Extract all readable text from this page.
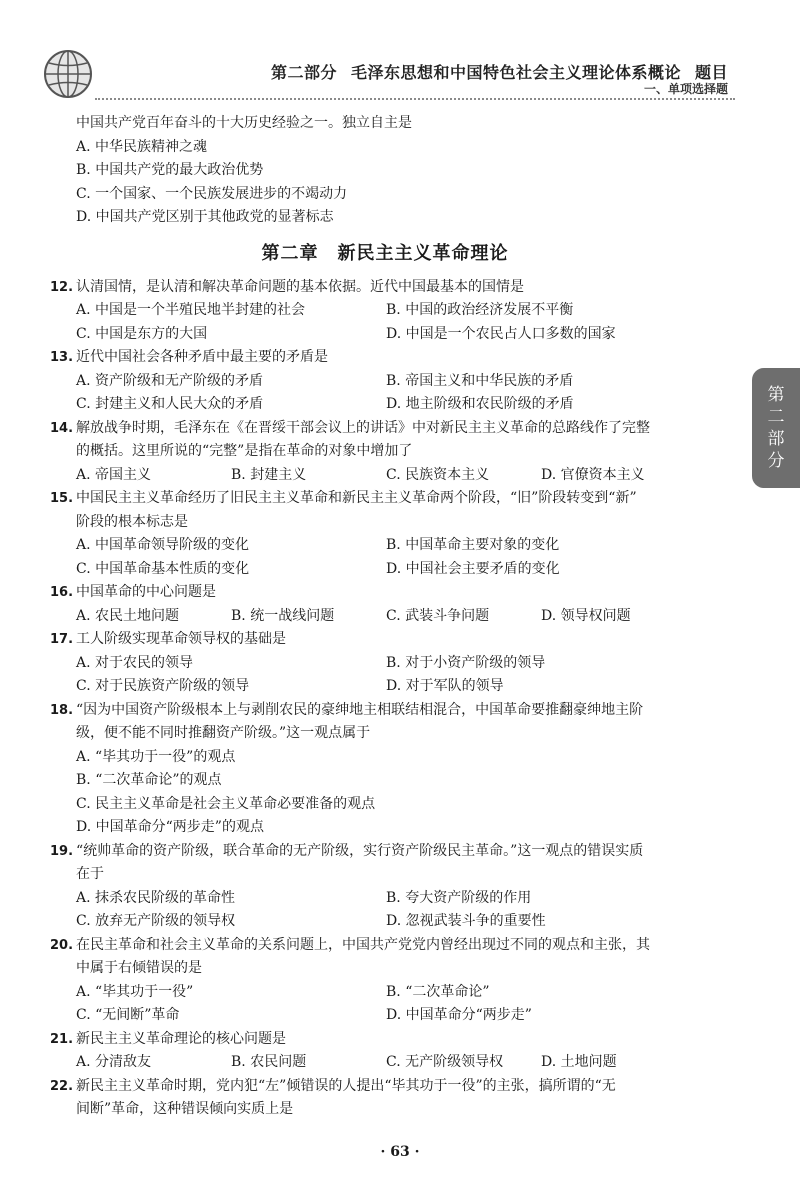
第二部分 毛泽东思想和中国特色社会主义理论体系概论 题目
一、单项选择题
第二部分
中国共产党百年奋斗的十大历史经验之一。独立自主是
A. 中华民族精神之魂
B. 中国共产党的最大政治优势
C. 一个国家、一个民族发展进步的不竭动力
D. 中国共产党区别于其他政党的显著标志
第二章　新民主主义革命理论
12. 认清国情，是认清和解决革命问题的基本依据。近代中国最基本的国情是
A. 中国是一个半殖民地半封建的社会	B. 中国的政治经济发展不平衡
C. 中国是东方的大国	D. 中国是一个农民占人口多数的国家
13. 近代中国社会各种矛盾中最主要的矛盾是
A. 资产阶级和无产阶级的矛盾	B. 帝国主义和中华民族的矛盾
C. 封建主义和人民大众的矛盾	D. 地主阶级和农民阶级的矛盾
14. 解放战争时期，毛泽东在《在晋绥干部会议上的讲话》中对新民主主义革命的总路线作了完整
的概括。这里所说的“完整”是指在革命的对象中增加了
A. 帝国主义	B. 封建主义	C. 民族资本主义	D. 官僚资本主义
15. 中国民主主义革命经历了旧民主主义革命和新民主主义革命两个阶段，“旧”阶段转变到“新”
阶段的根本标志是
A. 中国革命领导阶级的变化	B. 中国革命主要对象的变化
C. 中国革命基本性质的变化	D. 中国社会主要矛盾的变化
16. 中国革命的中心问题是
A. 农民土地问题	B. 统一战线问题	C. 武装斗争问题	D. 领导权问题
17. 工人阶级实现革命领导权的基础是
A. 对于农民的领导	B. 对于小资产阶级的领导
C. 对于民族资产阶级的领导	D. 对于军队的领导
18. “因为中国资产阶级根本上与剥削农民的豪绅地主相联结相混合，中国革命要推翻豪绅地主阶
级，便不能不同时推翻资产阶级。”这一观点属于
A. “毕其功于一役”的观点
B. “二次革命论”的观点
C. 民主主义革命是社会主义革命必要准备的观点
D. 中国革命分“两步走”的观点
19. “统帅革命的资产阶级，联合革命的无产阶级，实行资产阶级民主革命。”这一观点的错误实质
在于
A. 抹杀农民阶级的革命性	B. 夸大资产阶级的作用
C. 放弃无产阶级的领导权	D. 忽视武装斗争的重要性
20. 在民主革命和社会主义革命的关系问题上，中国共产党党内曾经出现过不同的观点和主张，其
中属于右倾错误的是
A. “毕其功于一役”	B. “二次革命论”
C. “无间断”革命	D. 中国革命分“两步走”
21. 新民主主义革命理论的核心问题是
A. 分清敌友	B. 农民问题	C. 无产阶级领导权	D. 土地问题
22. 新民主主义革命时期，党内犯“左”倾错误的人提出“毕其功于一役”的主张，搞所谓的“无
间断”革命，这种错误倾向实质上是
· 63 ·
